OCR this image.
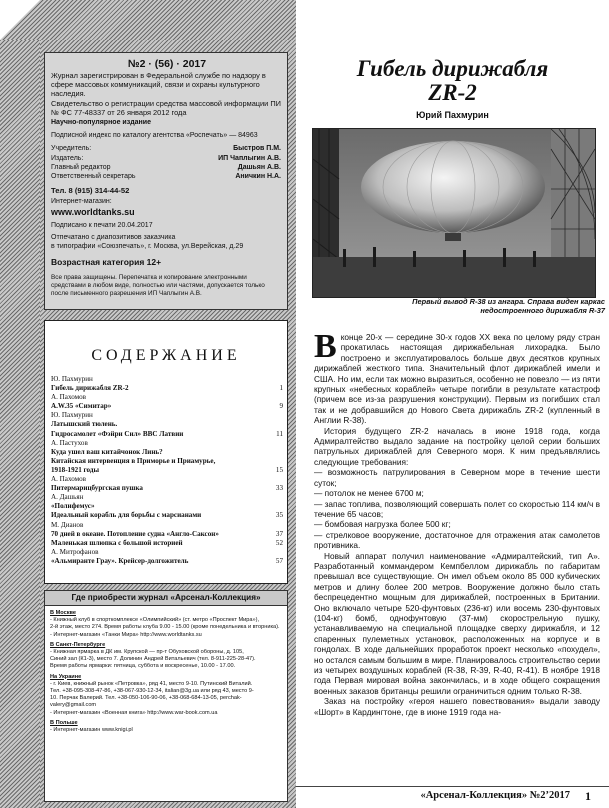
№2 · (56) · 2017
Журнал зарегистрирован в Федеральной службе по надзору в сфере массовых коммуникаций, связи и охраны культурного наследия.
Свидетельство о регистрации средства массовой информации ПИ № ФС 77-48337 от 26 января 2012 года
Научно-популярное издание
Подписной индекс по каталогу агентства «Роспечать» — 84963
Учредитель:	Быстров П.М.
Издатель:	ИП Чаплыгин А.В.
Главный редактор	Дашьян А.В.
Ответственный секретарь	Аничкин Н.А.
Тел. 8 (915) 314-44-52
Интернет-магазин:
www.worldtanks.su
Подписано к печати 20.04.2017
Отпечатано с диапозитивов заказчика
в типографии «Союзпечать», г. Москва, ул.Верейская, д.29
Возрастная категория 12+
Все права защищены. Перепечатка и копирование электронными средствами в любом виде, полностью или частями, допускается только после письменного разрешения ИП Чаплыгин А.В.
СОДЕРЖАНИЕ
Ю. Пахмурин
Гибель дирижабля ZR-2	1
А. Пахомов
А.W.35 «Симитар»	9
Ю. Пахмурин
Латышский тюлень.
Гидросамолет «Фэйри Сил» ВВС Латвии	11
А. Пастухов
Куда ушел ваш китайчонок Линь?
Китайская интервенция в Приморье и Приамурье,
1918-1921 годы	15
А. Пахомов
Питермарицбургская пушка	33
А. Дашьян
«Полифемус»
Идеальный корабль для борьбы с марсианами	35
М. Дианов
70 дней в океане. Потопление судна «Англо-Саксон»	37
Маленькая шлюпка с большой историей	52
А. Митрофанов
«Альмиранте Грау». Крейсер-долгожитель	57
Где приобрести журнал «Арсенал-Коллекция»
В Москве
- Книжный клуб в спорткомплексе «Олимпийский» (ст. метро «Проспект Мира»),
2-й этаж, место 274. Время работы клуба 9.00 - 15.00 (кроме понедельника и вторника).
- Интернет-магазин «Танки Мира» http://www.worldtanks.su
В Санкт-Петербурге
- Книжная ярмарка в ДК им. Крупской — пр-т Обуховской обороны, д. 105,
Синий зал (К1-3), место 7. Долинин Андрей Витальевич (тел. 8-911-225-28-47).
Время работы ярмарки: пятница, суббота и воскресенье, 10.00 - 17.00.
На Украине
- г. Киев, книжный рынок «Петровка», ряд 41, место 9-10. Путинский Виталий.
Тел. +38-095-308-47-86, +38-067-930-12-34, italian@3g.ua или ряд 43, место 9-
10. Перчак Валерий. Тел. +38-050-106-90-06, +38-068-684-13-05, perchak-
valery@gmail.com
- Интернет-магазин «Военная книга» http://www.war-book.com.ua
В Польше
- Интернет-магазин www.knigi.pl
Гибель дирижабля
ZR-2
Юрий Пахмурин
Первый вывод R-38 из ангара. Справа виден каркас
недостроенного дирижабля R-37
В конце 20-х — середине 30-х годов XX века по целому ряду стран прокатилась настоящая дирижабельная лихорадка. Было построено и эксплуатировалось больше двух десятков крупных дирижаблей жесткого типа. Значительный флот дирижаблей имели и США. Но им, если так можно выразиться, особенно не повезло — из пяти крупных «небесных кораблей» четыре погибли в результате катастроф (причем все из-за разрушения конструкции). Первым из погибших стал так и не добравшийся до Нового Света дирижабль ZR-2 (купленный в Англии R-38).

История будущего ZR-2 началась в июне 1918 года, когда Адмиралтейство выдало задание на постройку целой серии больших патрульных дирижаблей для Северного моря. К ним предъявлялись следующие требования:

— возможность патрулирования в Северном море в течение шести суток;

— потолок не менее 6700 м;

— запас топлива, позволяющий совершать полет со скоростью 114 км/ч в течение 65 часов;

— бомбовая нагрузка более 500 кг;

— стрелковое вооружение, достаточное для отражения атак самолетов противника.

Новый аппарат получил наименование «Адмиралтейский, тип А». Разработанный коммандером Кемпбеллом дирижабль по габаритам превышал все существующие. Он имел объем около 85 000 кубических метров и длину более 200 метров. Вооружение должно было стать беспрецедентно мощным для дирижаблей, построенных в Британии. Оно включало четыре 520-фунтовых (236-кг) или восемь 230-фунтовых (104-кг) бомб, однофунтовую (37-мм) скорострельную пушку, устанавливаемую на специальной площадке сверху дирижабля, и 12 спаренных пулеметных установок, расположенных на корпусе и в гондолах. В ходе дальнейших проработок проект несколько «похудел», но остался самым большим в мире. Планировалось строительство серии из четырех воздушных кораблей (R-38, R-39, R-40, R-41). В ноябре 1918 года Первая мировая война закончилась, и в ходе общего сокращения военных заказов британцы решили ограничиться одним только R-38.

Заказ на постройку «героя нашего повествования» выдали заводу «Шорт» в Кардингтоне, где в июне 1919 года на-

«Арсенал-Коллекция» №2’2017	1
